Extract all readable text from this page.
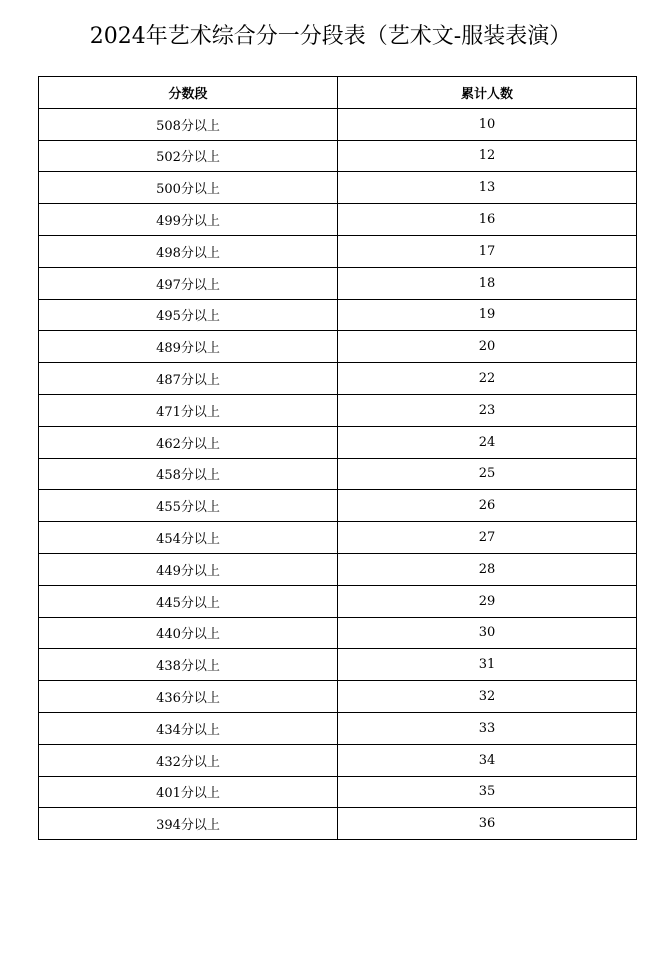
2024年艺术综合分一分段表（艺术文-服装表演）
分数段	累计人数
508分以上	10
502分以上	12
500分以上	13
499分以上	16
498分以上	17
497分以上	18
495分以上	19
489分以上	20
487分以上	22
471分以上	23
462分以上	24
458分以上	25
455分以上	26
454分以上	27
449分以上	28
445分以上	29
440分以上	30
438分以上	31
436分以上	32
434分以上	33
432分以上	34
401分以上	35
394分以上	36
